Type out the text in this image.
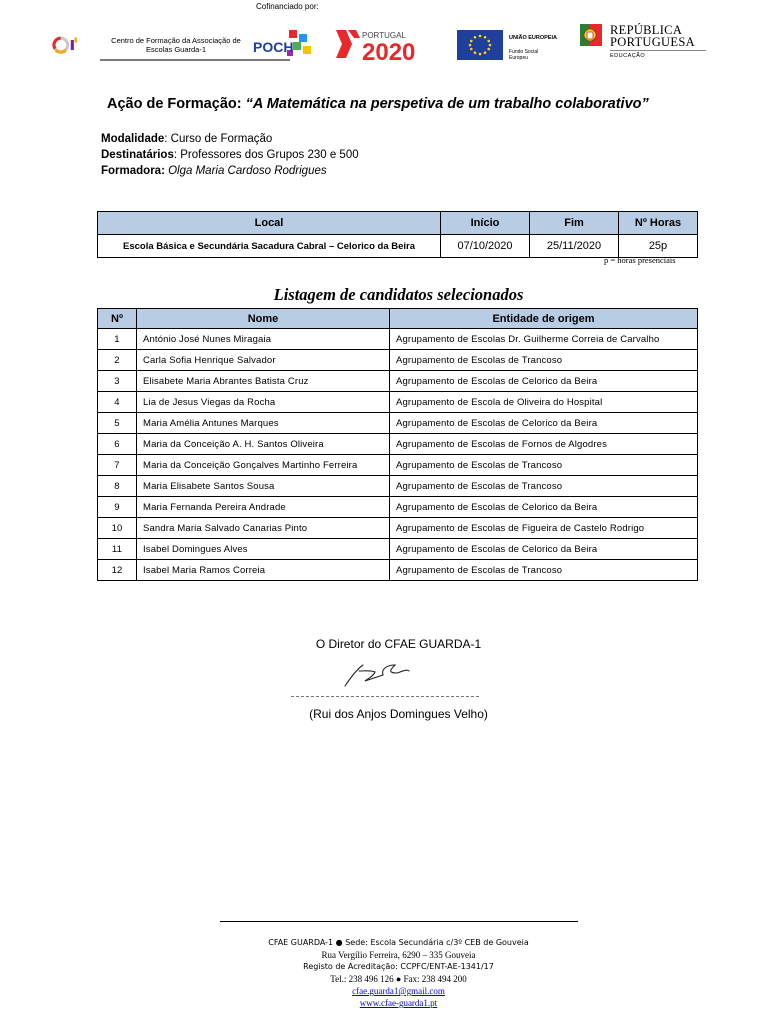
Cofinanciado por:
Centro de Formação da Associação de Escolas Guarda-1	POCH
PORTUGAL
2020
UNIÃO EUROPEIA
Fundo Social Europeu
REPÚBLICA
PORTUGUESA
EDUCAÇÃO
Ação de Formação: “A Matemática na perspetiva de um trabalho colaborativo”
Modalidade: Curso de Formação
Destinatários: Professores dos Grupos 230 e 500
Formadora: Olga Maria Cardoso Rodrigues
Local	Início	Fim	Nº Horas
Escola Básica e Secundária Sacadura Cabral – Celorico da Beira	07/10/2020	25/11/2020	25p
p = horas presenciais
Listagem de candidatos selecionados
Nº	Nome	Entidade de origem
1	António José Nunes Miragaia	Agrupamento de Escolas Dr. Guilherme Correia de Carvalho
2	Carla Sofia Henrique Salvador	Agrupamento de Escolas de Trancoso
3	Elisabete Maria Abrantes Batista Cruz	Agrupamento de Escolas de Celorico da Beira
4	Lia de Jesus Viegas da Rocha	Agrupamento de Escola de Oliveira do Hospital
5	Maria Amélia Antunes Marques	Agrupamento de Escolas de Celorico da Beira
6	Maria da Conceição A. H. Santos Oliveira	Agrupamento de Escolas de Fornos de Algodres
7	Maria da Conceição Gonçalves Martinho Ferreira	Agrupamento de Escolas de Trancoso
8	Maria Elisabete Santos Sousa	Agrupamento de Escolas de Trancoso
9	Maria Fernanda Pereira Andrade	Agrupamento de Escolas de Celorico da Beira
10	Sandra Maria Salvado Canarias Pinto	Agrupamento de Escolas de Figueira de Castelo Rodrigo
11	Isabel Domingues Alves	Agrupamento de Escolas de Celorico da Beira
12	Isabel Maria Ramos Correia	Agrupamento de Escolas de Trancoso
O Diretor do CFAE GUARDA-1
(Rui dos Anjos Domingues Velho)
CFAE GUARDA-1 ● Sede: Escola Secundária c/3º CEB de Gouveia
Rua Vergílio Ferreira, 6290 – 335 Gouveia
Registo de Acreditação: CCPFC/ENT-AE-1341/17
Tel.: 238 496 126 ● Fax: 238 494 200
cfae.guarda1@gmail.com
www.cfae-guarda1.pt
